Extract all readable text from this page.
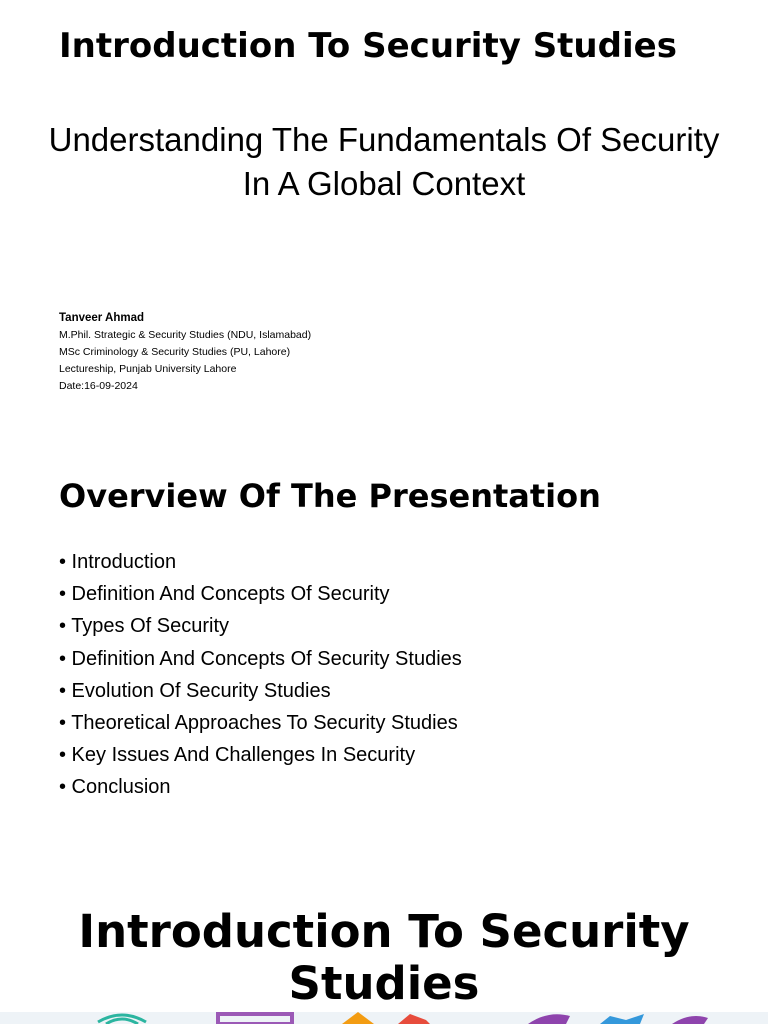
Introduction To Security Studies
Understanding The Fundamentals Of Security In A Global Context
Tanveer Ahmad
M.Phil. Strategic & Security Studies (NDU, Islamabad)
MSc Criminology & Security Studies (PU, Lahore)
Lectureship, Punjab University Lahore
Date:16-09-2024
Overview Of The Presentation
• Introduction
• Definition And Concepts Of Security
• Types Of Security
• Definition And Concepts Of Security Studies
• Evolution Of Security Studies
• Theoretical Approaches To Security Studies
• Key Issues And Challenges In Security
• Conclusion
Introduction To Security Studies
